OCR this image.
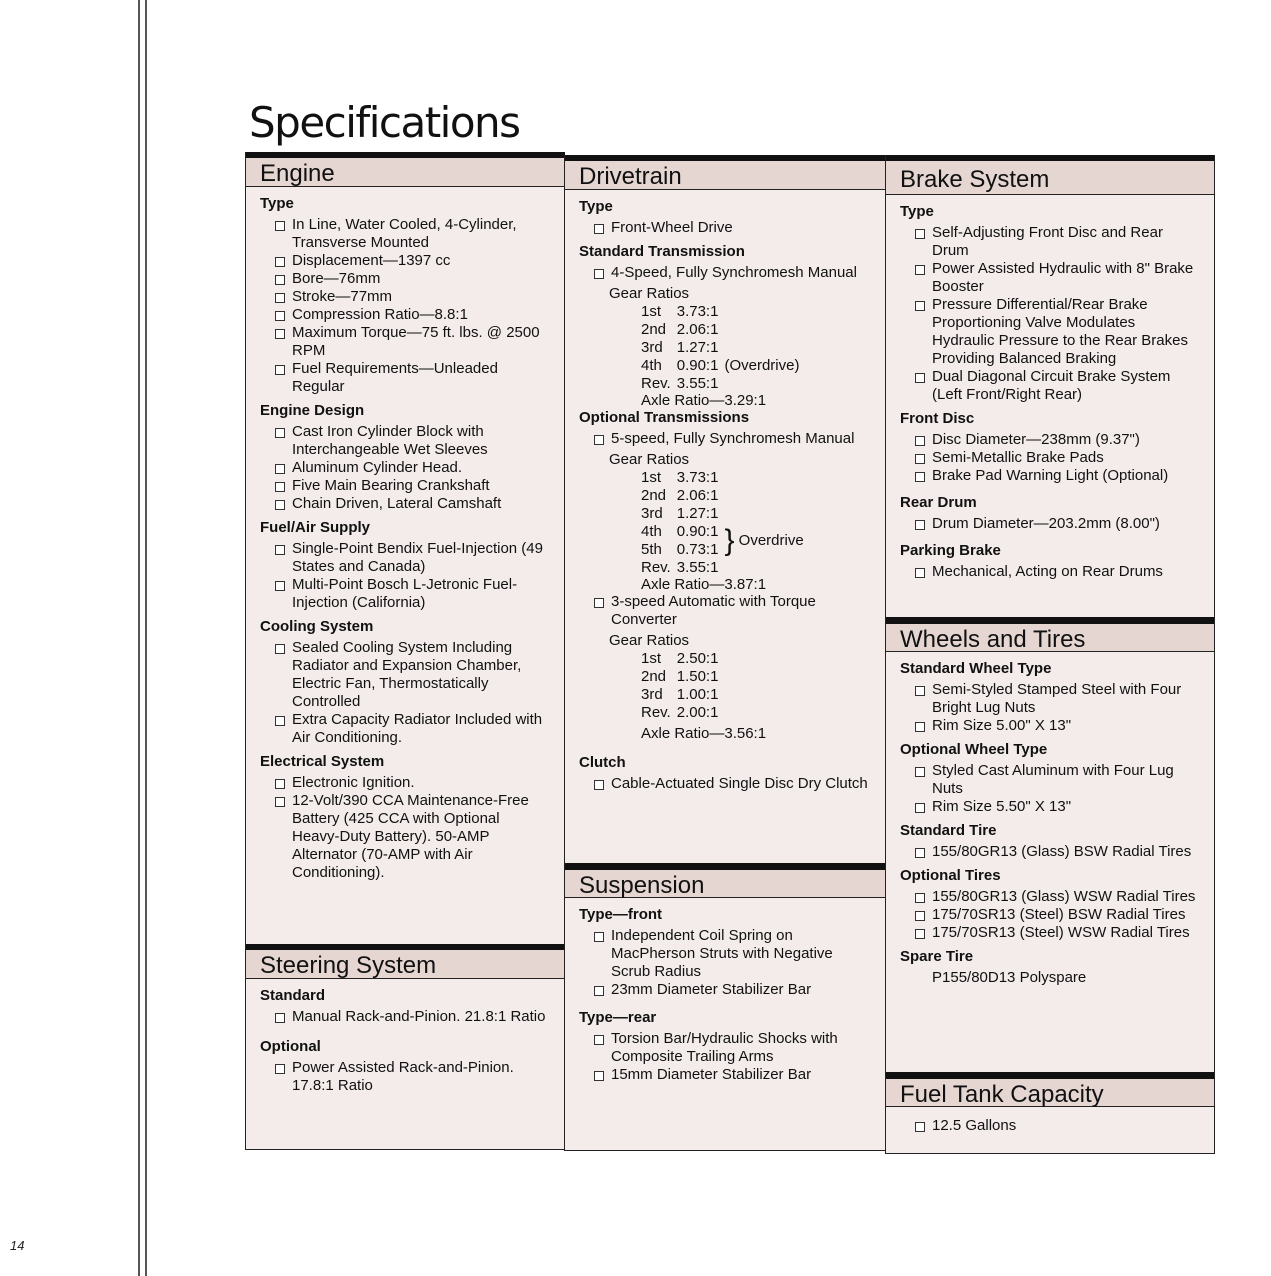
14
Specifications
Engine
Type
In Line, Water Cooled, 4-Cylinder, Transverse Mounted
Displacement—1397 cc
Bore—76mm
Stroke—77mm
Compression Ratio—8.8:1
Maximum Torque—75 ft. lbs. @ 2500 RPM
Fuel Requirements—Unleaded Regular
Engine Design
Cast Iron Cylinder Block with Interchangeable Wet Sleeves
Aluminum Cylinder Head.
Five Main Bearing Crankshaft
Chain Driven, Lateral Camshaft
Fuel/Air Supply
Single-Point Bendix Fuel-Injection (49 States and Canada)
Multi-Point Bosch L-Jetronic Fuel-Injection (California)
Cooling System
Sealed Cooling System Including Radiator and Expansion Chamber, Electric Fan, Thermostatically Controlled
Extra Capacity Radiator Included with Air Conditioning.
Electrical System
Electronic Ignition.
12-Volt/390 CCA Maintenance-Free Battery (425 CCA with Optional Heavy-Duty Battery). 50-AMP Alternator (70-AMP with Air Conditioning).
Steering System
Standard
Manual Rack-and-Pinion. 21.8:1 Ratio
Optional
Power Assisted Rack-and-Pinion. 17.8:1 Ratio
Drivetrain
Type
Front-Wheel Drive
Standard Transmission
4-Speed, Fully Synchromesh Manual
Gear Ratios
1st	3.73:1	
2nd	2.06:1	
3rd	1.27:1	
4th	0.90:1	(Overdrive)
Rev.	3.55:1	
Axle Ratio—3.29:1
Optional Transmissions
5-speed, Fully Synchromesh Manual
Gear Ratios
1st	3.73:1	
2nd	2.06:1	
3rd	1.27:1	
4th	0.90:1	} Overdrive
5th	0.73:1	
Rev.	3.55:1	
Axle Ratio—3.87:1
3-speed Automatic with Torque Converter
Gear Ratios
1st	2.50:1
2nd	1.50:1
3rd	1.00:1
Rev.	2.00:1
Axle Ratio—3.56:1
Clutch
Cable-Actuated Single Disc Dry Clutch
Suspension
Type—front
Independent Coil Spring on MacPherson Struts with Negative Scrub Radius
23mm Diameter Stabilizer Bar
Type—rear
Torsion Bar/Hydraulic Shocks with Composite Trailing Arms
15mm Diameter Stabilizer Bar
Brake System
Type
Self-Adjusting Front Disc and Rear Drum
Power Assisted Hydraulic with 8" Brake Booster
Pressure Differential/Rear Brake Proportioning Valve Modulates Hydraulic Pressure to the Rear Brakes Providing Balanced Braking
Dual Diagonal Circuit Brake System (Left Front/Right Rear)
Front Disc
Disc Diameter—238mm (9.37")
Semi-Metallic Brake Pads
Brake Pad Warning Light (Optional)
Rear Drum
Drum Diameter—203.2mm (8.00")
Parking Brake
Mechanical, Acting on Rear Drums
Wheels and Tires
Standard Wheel Type
Semi-Styled Stamped Steel with Four Bright Lug Nuts
Rim Size 5.00" X 13"
Optional Wheel Type
Styled Cast Aluminum with Four Lug Nuts
Rim Size 5.50" X 13"
Standard Tire
155/80GR13 (Glass) BSW Radial Tires
Optional Tires
155/80GR13 (Glass) WSW Radial Tires
175/70SR13 (Steel) BSW Radial Tires
175/70SR13 (Steel) WSW Radial Tires
Spare Tire
P155/80D13 Polyspare
Fuel Tank Capacity
12.5 Gallons
